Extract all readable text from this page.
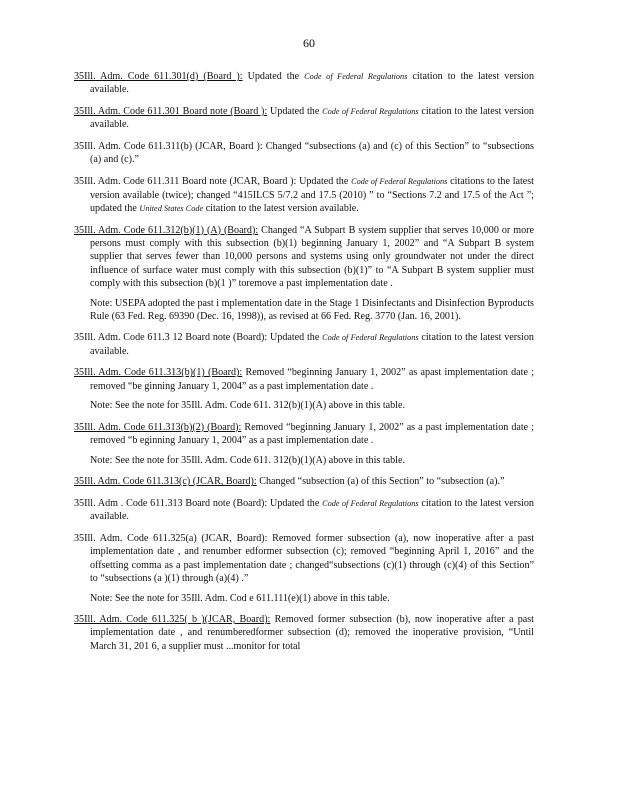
60

35Ill. Adm. Code 611.301(d) (Board ): Updated the Code of Federal Regulations citation to the latest version available.

35Ill. Adm. Code 611.301 Board note (Board ): Updated the Code of Federal Regulations citation to the latest version available.

35Ill. Adm. Code 611.311(b) (JCAR, Board ): Changed “subsections (a) and (c) of this Section” to “subsections (a) and (c).”

35Ill. Adm. Code 611.311 Board note (JCAR, Board ): Updated the Code of Federal Regulations citations to the latest version available (twice); changed “415ILCS 5/7.2 and 17.5 (2010) ” to “Sections 7.2 and 17.5 of the Act ”; updated the United States Code citation to the latest version available.

35Ill. Adm. Code 611.312(b)(1) (A) (Board): Changed “A Subpart B system supplier that serves 10,000 or more persons must comply with this subsection (b)(1) beginning January 1, 2002” and “A Subpart B system supplier that serves fewer than 10,000 persons and systems using only groundwater not under the direct influence of surface water must comply with this subsection (b)(1)” to “A Subpart B system supplier must comply with this subsection (b)(1 )” toremove a past implementation date .

Note: USEPA adopted the past i mplementation date in the Stage 1 Disinfectants and Disinfection Byproducts Rule (63 Fed. Reg. 69390 (Dec. 16, 1998)), as revised at 66 Fed. Reg. 3770 (Jan. 16, 2001).

35Ill. Adm. Code 611.3 12 Board note (Board): Updated the Code of Federal Regulations citation to the latest version available.

35Ill. Adm. Code 611.313(b)(1) (Board): Removed “beginning January 1, 2002” as apast implementation date ; removed “be ginning January 1, 2004” as a past implementation date .

Note: See the note for 35Ill. Adm. Code 611. 312(b)(1)(A) above in this table.

35Ill. Adm. Code 611.313(b)(2) (Board): Removed “beginning January 1, 2002” as a past implementation date ; removed “b eginning January 1, 2004” as a past implementation date .

Note: See the note for 35Ill. Adm. Code 611. 312(b)(1)(A) above in this table.

35Ill. Adm. Code 611.313(c) (JCAR, Board): Changed “subsection (a) of this Section” to “subsection (a).”

35Ill. Adm . Code 611.313 Board note (Board): Updated the Code of Federal Regulations citation to the latest version available.

35Ill. Adm. Code 611.325(a) (JCAR, Board): Removed former subsection (a), now inoperative after a past implementation date , and renumber edformer subsection (c); removed “beginning April 1, 2016” and the offsetting comma as a past implementation date ; changed“subsections (c)(1) through (c)(4) of this Section” to “subsections (a )(1) through (a)(4) .”

Note: See the note for 35Ill. Adm. Cod e 611.111(e)(1) above in this table.

35Ill. Adm. Code 611.325( b )(JCAR, Board): Removed former subsection (b), now inoperative after a past implementation date , and renumberedformer subsection (d); removed the inoperative provision, “Until March 31, 201 6, a supplier must ...monitor for total
